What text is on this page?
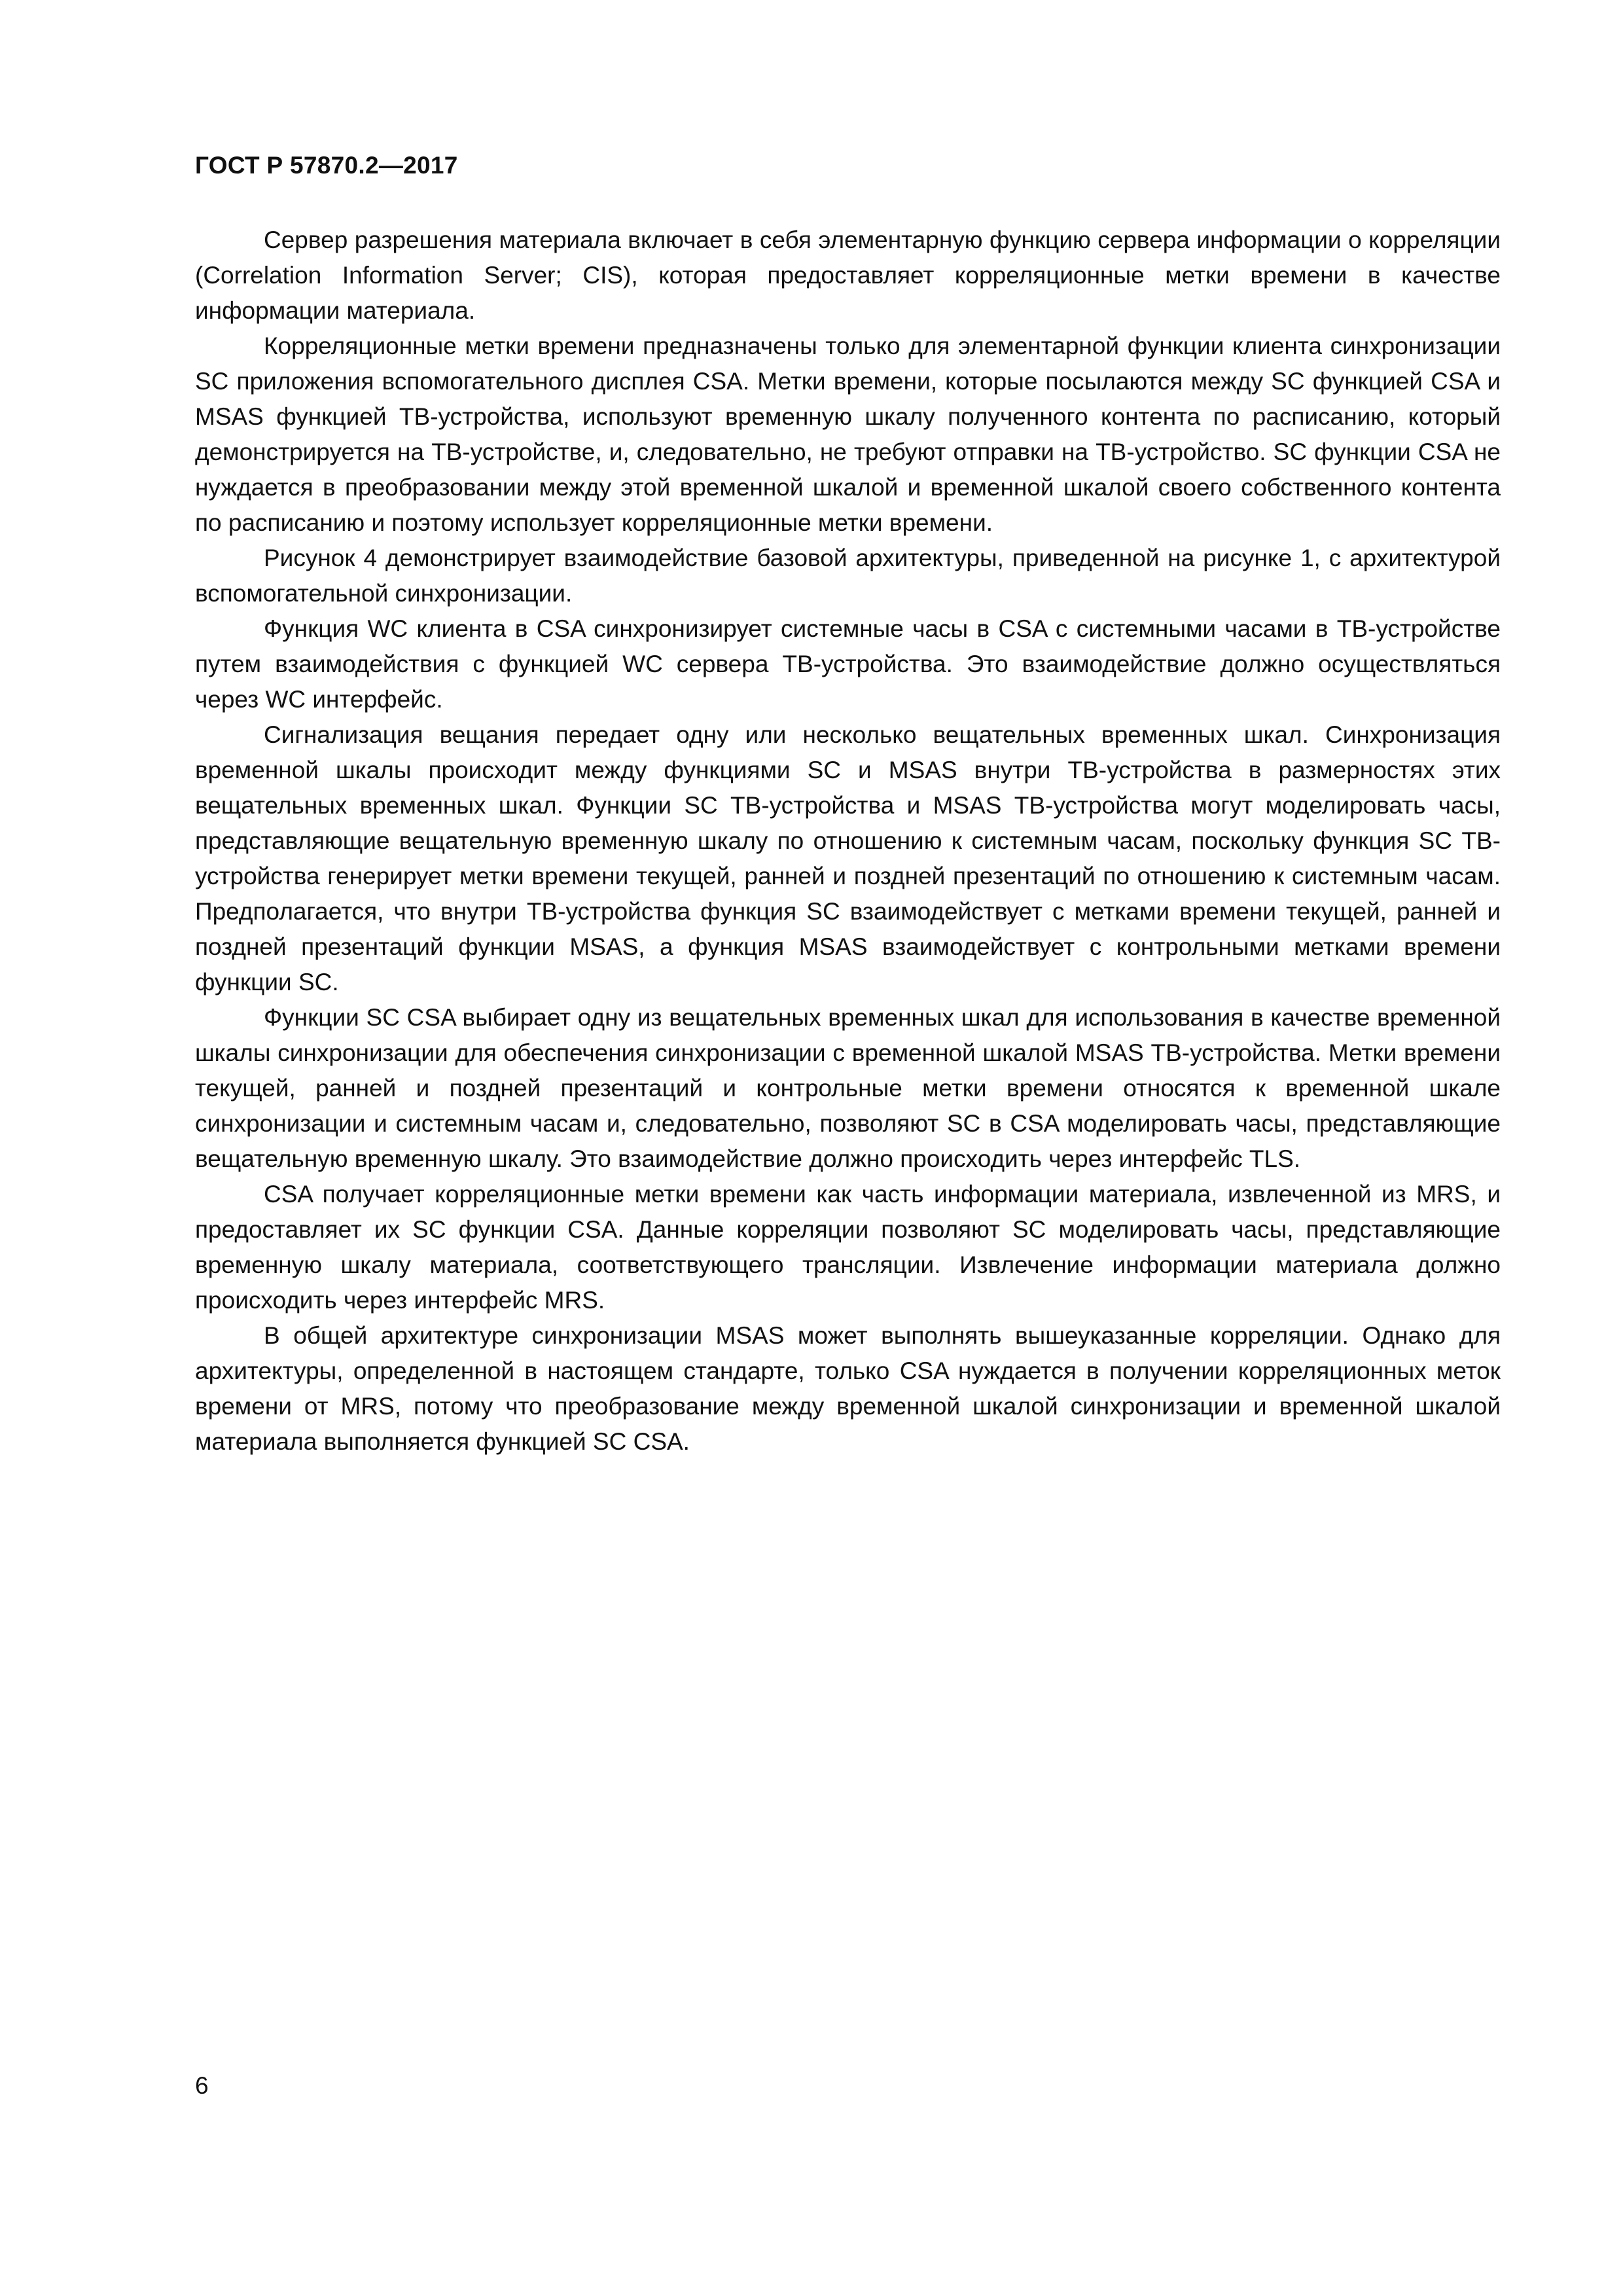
ГОСТ Р 57870.2—2017

Сервер разрешения материала включает в себя элементарную функцию сервера информации о корреляции (Correlation Information Server; CIS), которая предоставляет корреляционные метки времени в качестве информации материала.

Корреляционные метки времени предназначены только для элементарной функции клиента синхронизации SC приложения вспомогательного дисплея CSA. Метки времени, которые посылаются между SC функцией CSA и MSAS функцией ТВ-устройства, используют временную шкалу полученного контента по расписанию, который демонстрируется на ТВ-устройстве, и, следовательно, не требуют отправки на ТВ-устройство. SC функции CSA не нуждается в преобразовании между этой временной шкалой и временной шкалой своего собственного контента по расписанию и поэтому использует корреляционные метки времени.

Рисунок 4 демонстрирует взаимодействие базовой архитектуры, приведенной на рисунке 1, с архитектурой вспомогательной синхронизации.

Функция WC клиента в CSA синхронизирует системные часы в CSA с системными часами в ТВ-устройстве путем взаимодействия с функцией WC сервера ТВ-устройства. Это взаимодействие должно осуществляться через WC интерфейс.

Сигнализация вещания передает одну или несколько вещательных временных шкал. Синхронизация временной шкалы происходит между функциями SC и MSAS внутри ТВ-устройства в размерностях этих вещательных временных шкал. Функции SC ТВ-устройства и MSAS ТВ-устройства могут моделировать часы, представляющие вещательную временную шкалу по отношению к системным часам, поскольку функция SC ТВ-устройства генерирует метки времени текущей, ранней и поздней презентаций по отношению к системным часам. Предполагается, что внутри ТВ-устройства функция SC взаимодействует с метками времени текущей, ранней и поздней презентаций функции MSAS, а функция MSAS взаимодействует с контрольными метками времени функции SC.

Функции SC CSA выбирает одну из вещательных временных шкал для использования в качестве временной шкалы синхронизации для обеспечения синхронизации с временной шкалой MSAS ТВ-устройства. Метки времени текущей, ранней и поздней презентаций и контрольные метки времени относятся к временной шкале синхронизации и системным часам и, следовательно, позволяют SC в CSA моделировать часы, представляющие вещательную временную шкалу. Это взаимодействие должно происходить через интерфейс TLS.

CSA получает корреляционные метки времени как часть информации материала, извлеченной из MRS, и предоставляет их SC функции CSA. Данные корреляции позволяют SC моделировать часы, представляющие временную шкалу материала, соответствующего трансляции. Извлечение информации материала должно происходить через интерфейс MRS.

В общей архитектуре синхронизации MSAS может выполнять вышеуказанные корреляции. Однако для архитектуры, определенной в настоящем стандарте, только CSA нуждается в получении корреляционных меток времени от MRS, потому что преобразование между временной шкалой синхронизации и временной шкалой материала выполняется функцией SC CSA.

6
